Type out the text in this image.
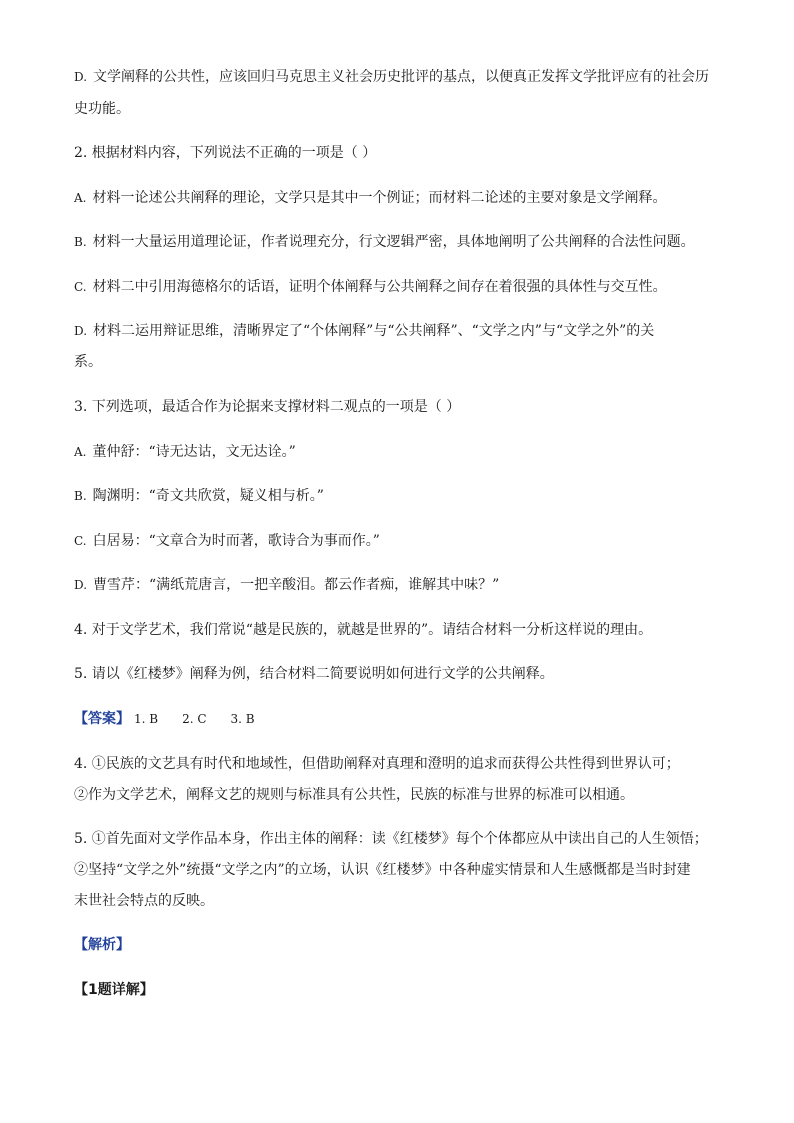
D. 文学阐释的公共性，应该回归马克思主义社会历史批评的基点，以便真正发挥文学批评应有的社会历
史功能。
2. 根据材料内容，下列说法不正确的一项是（ ）
A. 材料一论述公共阐释的理论，文学只是其中一个例证；而材料二论述的主要对象是文学阐释。
B. 材料一大量运用道理论证，作者说理充分，行文逻辑严密，具体地阐明了公共阐释的合法性问题。
C. 材料二中引用海德格尔的话语，证明个体阐释与公共阐释之间存在着很强的具体性与交互性。
D. 材料二运用辩证思维，清晰界定了“个体阐释”与“公共阐释”、“文学之内”与“文学之外”的关
系。
3. 下列选项，最适合作为论据来支撑材料二观点的一项是（ ）
A. 董仲舒：“诗无达诂，文无达诠。”
B. 陶渊明：“奇文共欣赏，疑义相与析。”
C. 白居易：“文章合为时而著，歌诗合为事而作。”
D. 曹雪芹：“满纸荒唐言，一把辛酸泪。都云作者痴，谁解其中味？”
4. 对于文学艺术，我们常说“越是民族的，就越是世界的”。请结合材料一分析这样说的理由。
5. 请以《红楼梦》阐释为例，结合材料二简要说明如何进行文学的公共阐释。
【答案】 1. B 2. C 3. B
4. ①民族的文艺具有时代和地域性，但借助阐释对真理和澄明的追求而获得公共性得到世界认可；
②作为文学艺术，阐释文艺的规则与标准具有公共性，民族的标准与世界的标准可以相通。
5. ①首先面对文学作品本身，作出主体的阐释：读《红楼梦》每个个体都应从中读出自己的人生领悟；
②坚持“文学之外”统摄“文学之内”的立场，认识《红楼梦》中各种虚实情景和人生感慨都是当时封建
末世社会特点的反映。
【解析】
【1题详解】
